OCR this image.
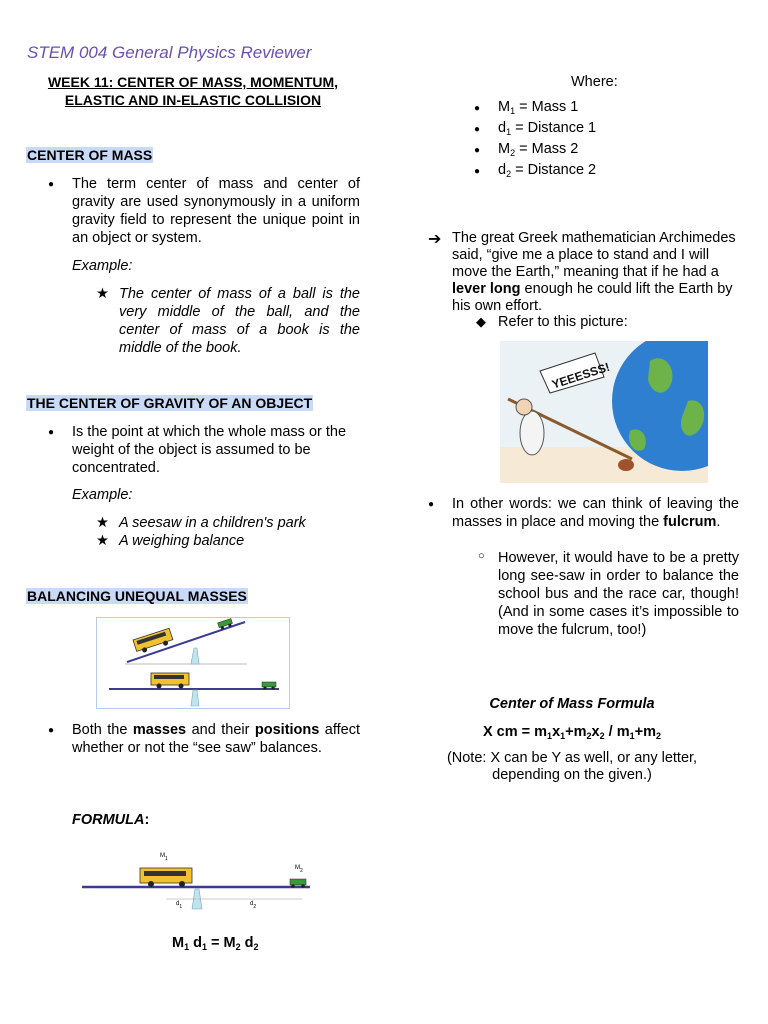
STEM 004 General Physics Reviewer
WEEK 11: CENTER OF MASS, MOMENTUM,
ELASTIC AND IN-ELASTIC COLLISION
CENTER OF MASS
● The term center of mass and center of gravity are used synonymously in a uniform gravity field to represent the unique point in an object or system.
Example:
★ The center of mass of a ball is the very middle of the ball, and the center of mass of a book is the middle of the book.
THE CENTER OF GRAVITY OF AN OBJECT
● Is the point at which the whole mass or the weight of the object is assumed to be concentrated.
Example:
★ A seesaw in a children's park
★ A weighing balance
BALANCING UNEQUAL MASSES
● Both the masses and their positions affect whether or not the “see saw” balances.
FORMULA:
$M_1$
$M_2$
$d_1$	$d_2$
$M_1$ $d_1 = M_2$ $d_2$
Where:
● $M_1$ = Mass 1
● $d_1$ = Distance 1
● $M_2$ = Mass 2
● $d_2$ = Distance 2
➔ The great Greek mathematician Archimedes said, “give me a place to stand and I will move the Earth,” meaning that if he had a lever long enough he could lift the Earth by his own effort.
◆ Refer to this picture:
YEEESSS!
● In other words: we can think of leaving the masses in place and moving the fulcrum.
○ However, it would have to be a pretty long see-saw in order to balance the school bus and the race car, though! (And in some cases it’s impossible to move the fulcrum, too!)
Center of Mass Formula
X cm = $m_1x_1+m_2x_2 / m_1+m_2$
(Note: X can be Y as well, or any letter, depending on the given.)
